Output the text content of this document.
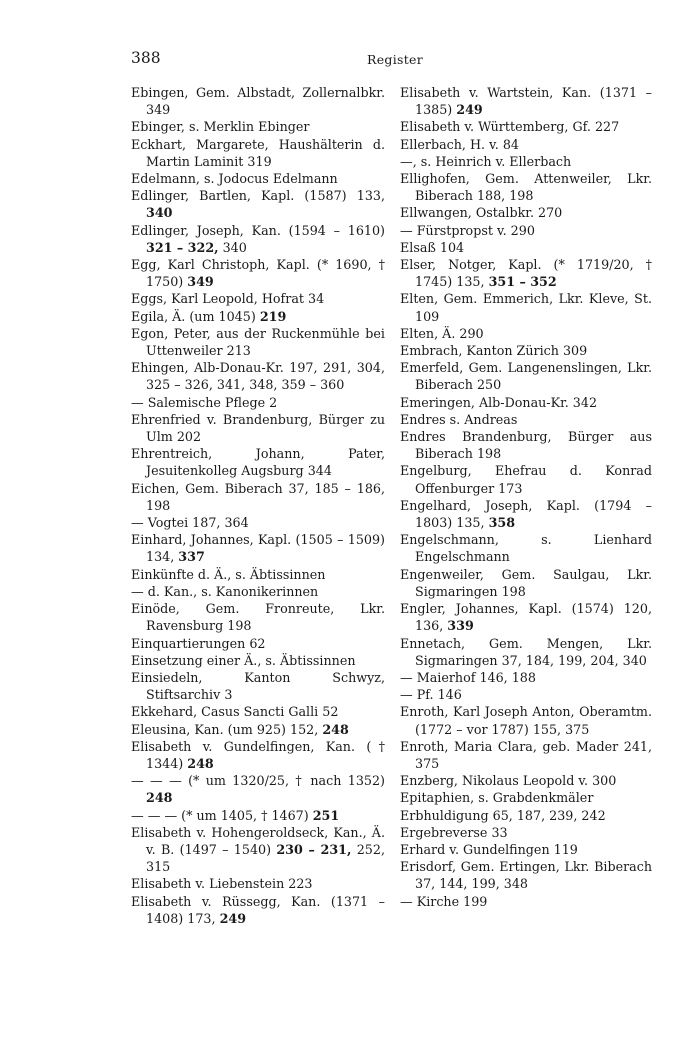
388	Register

Ebingen, Gem. Albstadt, Zollernalbkr. 349

Ebinger, s. Merklin Ebinger

Eckhart, Margarete, Haushälterin d. Martin Laminit 319

Edelmann, s. Jodocus Edelmann

Edlinger, Bartlen, Kapl. (1587) 133, 340

Edlinger, Joseph, Kan. (1594 – 1610) 321 – 322, 340

Egg, Karl Christoph, Kapl. (* 1690, † 1750) 349

Eggs, Karl Leopold, Hofrat 34

Egila, Ä. (um 1045) 219

Egon, Peter, aus der Ruckenmühle bei Uttenweiler 213

Ehingen, Alb-Donau-Kr. 197, 291, 304, 325 – 326, 341, 348, 359 – 360

— Salemische Pflege 2

Ehrenfried v. Brandenburg, Bürger zu Ulm 202

Ehrentreich, Johann, Pater, Jesuitenkolleg Augsburg 344

Eichen, Gem. Biberach 37, 185 – 186, 198

— Vogtei 187, 364

Einhard, Johannes, Kapl. (1505 – 1509) 134, 337

Einkünfte d. Ä., s. Äbtissinnen

— d. Kan., s. Kanonikerinnen

Einöde, Gem. Fronreute, Lkr. Ravensburg 198

Einquartierungen 62

Einsetzung einer Ä., s. Äbtissinnen

Einsiedeln, Kanton Schwyz, Stiftsarchiv 3

Ekkehard, Casus Sancti Galli 52

Eleusina, Kan. (um 925) 152, 248

Elisabeth v. Gundelfingen, Kan. († 1344) 248

— — — (* um 1320/25, † nach 1352) 248

— — — (* um 1405, † 1467) 251

Elisabeth v. Hohengeroldseck, Kan., Ä. v. B. (1497 – 1540) 230 – 231, 252, 315

Elisabeth v. Liebenstein 223

Elisabeth v. Rüssegg, Kan. (1371 – 1408) 173, 249

Elisabeth v. Wartstein, Kan. (1371 – 1385) 249

Elisabeth v. Württemberg, Gf. 227

Ellerbach, H. v. 84

—, s. Heinrich v. Ellerbach

Ellighofen, Gem. Attenweiler, Lkr. Biberach 188, 198

Ellwangen, Ostalbkr. 270

— Fürstpropst v. 290

Elsaß 104

Elser, Notger, Kapl. (* 1719/20, † 1745) 135, 351 – 352

Elten, Gem. Emmerich, Lkr. Kleve, St. 109

Elten, Ä. 290

Embrach, Kanton Zürich 309

Emerfeld, Gem. Langenenslingen, Lkr. Biberach 250

Emeringen, Alb-Donau-Kr. 342

Endres s. Andreas

Endres Brandenburg, Bürger aus Biberach 198

Engelburg, Ehefrau d. Konrad Offenburger 173

Engelhard, Joseph, Kapl. (1794 – 1803) 135, 358

Engelschmann, s. Lienhard Engelschmann

Engenweiler, Gem. Saulgau, Lkr. Sigmaringen 198

Engler, Johannes, Kapl. (1574) 120, 136, 339

Ennetach, Gem. Mengen, Lkr. Sigmaringen 37, 184, 199, 204, 340

— Maierhof 146, 188

— Pf. 146

Enroth, Karl Joseph Anton, Oberamtm. (1772 – vor 1787) 155, 375

Enroth, Maria Clara, geb. Mader 241, 375

Enzberg, Nikolaus Leopold v. 300

Epitaphien, s. Grabdenkmäler

Erbhuldigung 65, 187, 239, 242

Ergebreverse 33

Erhard v. Gundelfingen 119

Erisdorf, Gem. Ertingen, Lkr. Biberach 37, 144, 199, 348

— Kirche 199
